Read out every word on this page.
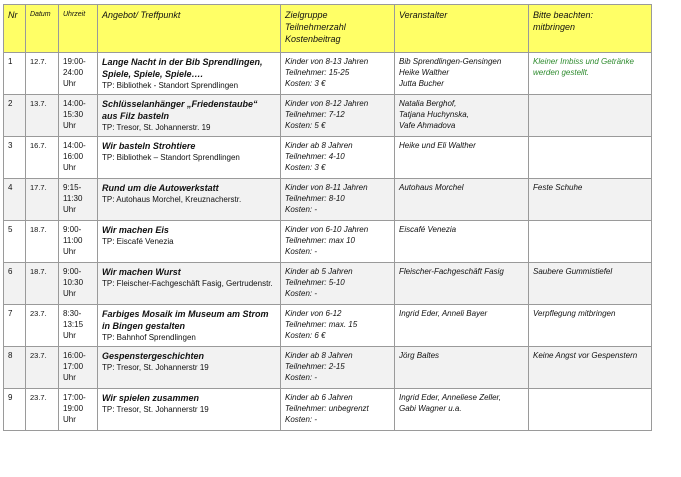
Nr	Datum	Uhrzeit	Angebot/ Treffpunkt	Zielgruppe
Teilnehmerzahl
Kostenbeitrag	Veranstalter	Bitte beachten:
mitbringen

1	12.7.	19:00-
24:00
Uhr	Lange Nacht in der Bib Sprendlingen,
Spiele, Spiele, Spiele….
TP: Bibliothek - Standort Sprendlingen	Kinder von 8-13 Jahren
Teilnehmer: 15-25
Kosten: 3 €	Bib Sprendlingen-Gensingen
Heike Walther
Jutta Bucher	Kleiner Imbiss und Getränke
werden gestellt.

2	13.7.	14:00-
15:30
Uhr	Schlüsselanhänger „Friedenstaube“
aus Filz basteln
TP: Tresor, St. Johannerstr. 19	Kinder von 8-12 Jahren
Teilnehmer: 7-12
Kosten: 5 €	Natalia Berghof,
Tatjana Huchynska,
Vafe Ahmadova	

3	16.7.	14:00-
16:00
Uhr	Wir basteln Strohtiere
TP: Bibliothek – Standort Sprendlingen	Kinder ab 8 Jahren
Teilnehmer: 4-10
Kosten: 3 €	Heike und Eli Walther	

4	17.7.	9:15-
11:30
Uhr	Rund um die Autowerkstatt
TP: Autohaus Morchel, Kreuznacherstr.	Kinder von 8-11 Jahren
Teilnehmer: 8-10
Kosten: -	Autohaus Morchel	Feste Schuhe

5	18.7.	9:00-
11:00
Uhr	Wir machen Eis
TP: Eiscafé Venezia	Kinder von 6-10 Jahren
Teilnehmer: max 10
Kosten: -	Eiscafé Venezia	

6	18.7.	9:00-
10:30
Uhr	Wir machen Wurst
TP: Fleischer-Fachgeschäft Fasig, Gertrudenstr.	Kinder ab 5 Jahren
Teilnehmer: 5-10
Kosten: -	Fleischer-Fachgeschäft Fasig	Saubere Gummistiefel

7	23.7.	8:30-
13:15
Uhr	Farbiges Mosaik im Museum am Strom
in Bingen gestalten
TP: Bahnhof Sprendlingen	Kinder von 6-12
Teilnehmer: max. 15
Kosten: 6 €	Ingrid Eder, Anneli Bayer	Verpflegung mitbringen

8	23.7.	16:00-
17:00
Uhr	Gespenstergeschichten
TP: Tresor, St. Johannerstr 19	Kinder ab 8 Jahren
Teilnehmer: 2-15
Kosten: -	Jörg Baltes	Keine Angst vor Gespenstern

9	23.7.	17:00-
19:00
Uhr	Wir spielen zusammen
TP: Tresor, St. Johannerstr 19	Kinder ab 6 Jahren
Teilnehmer: unbegrenzt
Kosten: -	Ingrid Eder, Anneliese Zeller,
Gabi Wagner u.a.	
